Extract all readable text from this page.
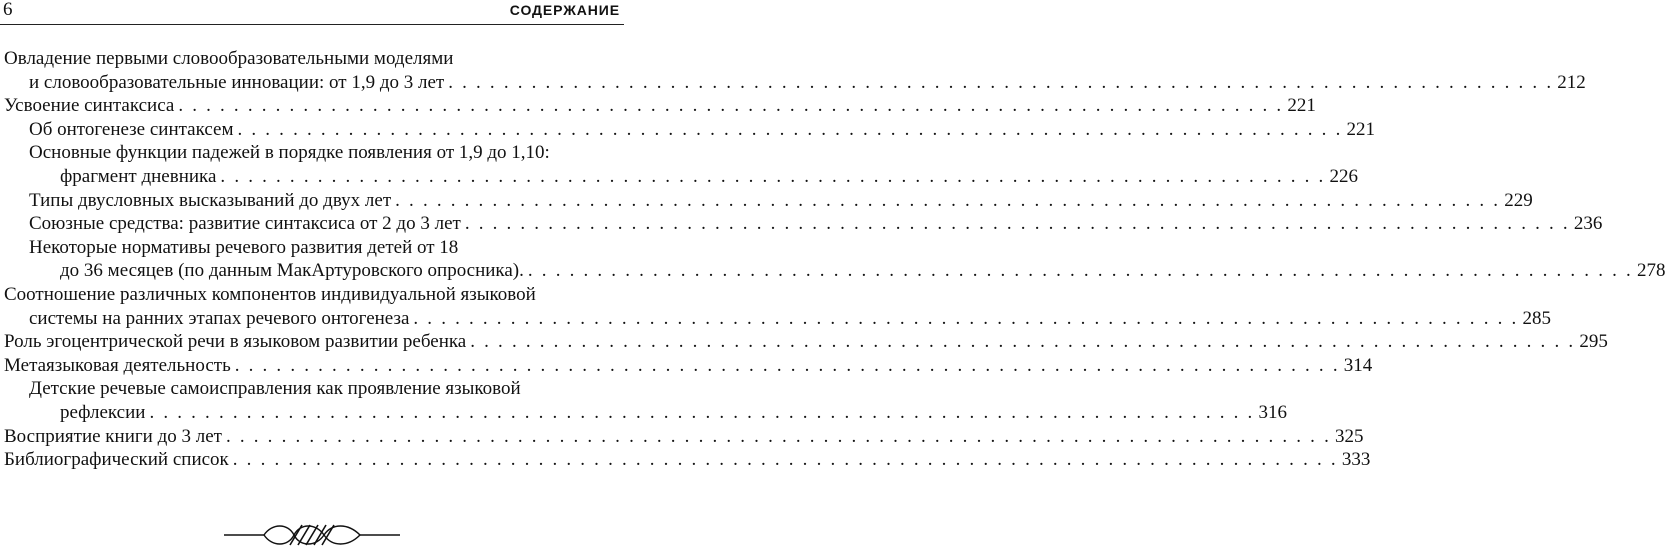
6	СОДЕРЖАНИЕ
Овладение первыми словообразовательными моделями
и словообразовательные инновации: от 1,9 до 3 лет . . . . . . . . . . . . . . . . . . . . . . . . . . . . . . . . . . . . . . . . . . . . . . . . . . . . . . . . . . . . . . . . . . . . . . . . . . . . . . . . 212
Усвоение синтаксиса . . . . . . . . . . . . . . . . . . . . . . . . . . . . . . . . . . . . . . . . . . . . . . . . . . . . . . . . . . . . . . . . . . . . . . . . . . . . . . . . 221
Об онтогенезе синтаксем . . . . . . . . . . . . . . . . . . . . . . . . . . . . . . . . . . . . . . . . . . . . . . . . . . . . . . . . . . . . . . . . . . . . . . . . . . . . . . . . 221
Основные функции падежей в порядке появления от 1,9 до 1,10:
фрагмент дневника . . . . . . . . . . . . . . . . . . . . . . . . . . . . . . . . . . . . . . . . . . . . . . . . . . . . . . . . . . . . . . . . . . . . . . . . . . . . . . . . 226
Типы двусловных высказываний до двух лет . . . . . . . . . . . . . . . . . . . . . . . . . . . . . . . . . . . . . . . . . . . . . . . . . . . . . . . . . . . . . . . . . . . . . . . . . . . . . . . . 229
Союзные средства: развитие синтаксиса от 2 до 3 лет . . . . . . . . . . . . . . . . . . . . . . . . . . . . . . . . . . . . . . . . . . . . . . . . . . . . . . . . . . . . . . . . . . . . . . . . . . . . . . . . 236
Некоторые нормативы речевого развития детей от 18
до 36 месяцев (по данным МакАртуровского опросника). . . . . . . . . . . . . . . . . . . . . . . . . . . . . . . . . . . . . . . . . . . . . . . . . . . . . . . . . . . . . . . . . . . . . . . . . . . . . . . . . 278
Соотношение различных компонентов индивидуальной языковой
системы на ранних этапах речевого онтогенеза . . . . . . . . . . . . . . . . . . . . . . . . . . . . . . . . . . . . . . . . . . . . . . . . . . . . . . . . . . . . . . . . . . . . . . . . . . . . . . . . 285
Роль эгоцентрической речи в языковом развитии ребенка . . . . . . . . . . . . . . . . . . . . . . . . . . . . . . . . . . . . . . . . . . . . . . . . . . . . . . . . . . . . . . . . . . . . . . . . . . . . . . . . 295
Метаязыковая деятельность . . . . . . . . . . . . . . . . . . . . . . . . . . . . . . . . . . . . . . . . . . . . . . . . . . . . . . . . . . . . . . . . . . . . . . . . . . . . . . . . 314
Детские речевые самоисправления как проявление языковой
рефлексии . . . . . . . . . . . . . . . . . . . . . . . . . . . . . . . . . . . . . . . . . . . . . . . . . . . . . . . . . . . . . . . . . . . . . . . . . . . . . . . . 316
Восприятие книги до 3 лет . . . . . . . . . . . . . . . . . . . . . . . . . . . . . . . . . . . . . . . . . . . . . . . . . . . . . . . . . . . . . . . . . . . . . . . . . . . . . . . . 325
Библиографический список . . . . . . . . . . . . . . . . . . . . . . . . . . . . . . . . . . . . . . . . . . . . . . . . . . . . . . . . . . . . . . . . . . . . . . . . . . . . . . . . 333
